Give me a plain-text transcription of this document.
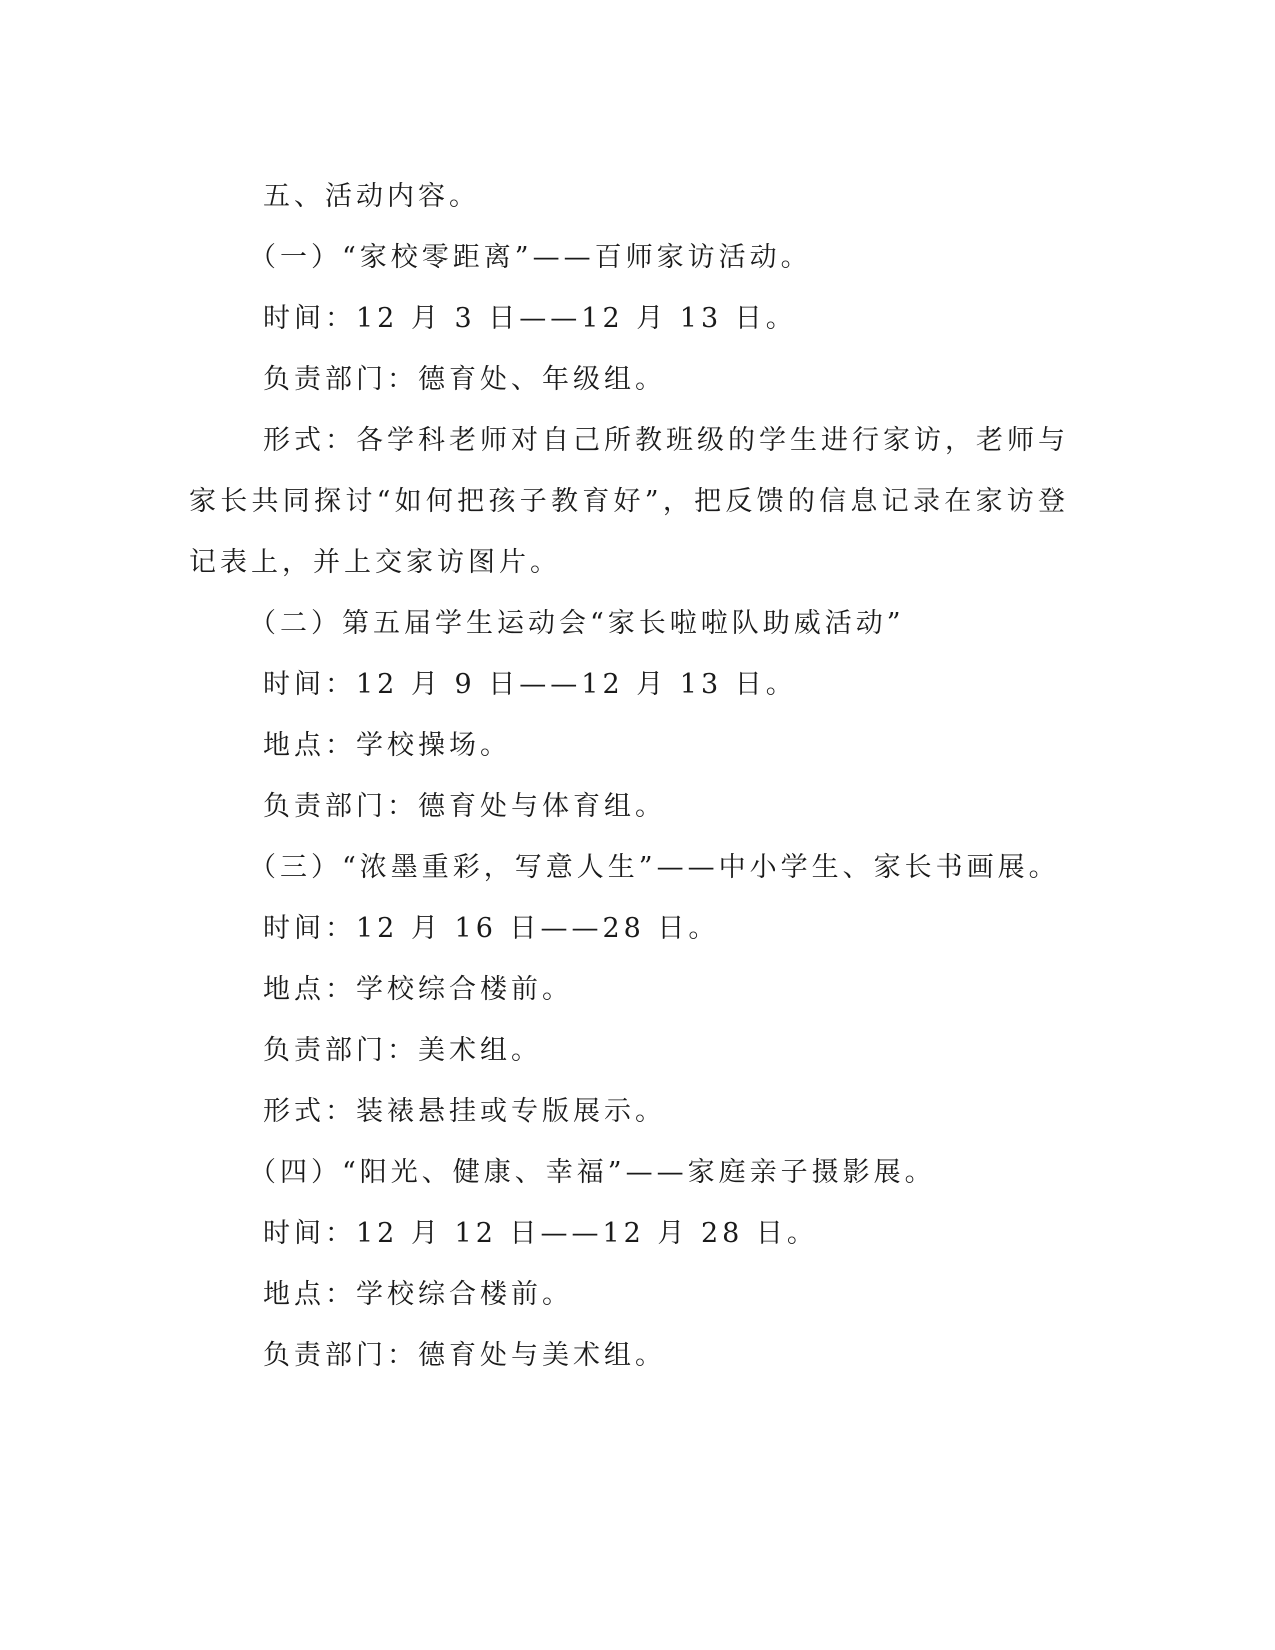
五、活动内容。
（一）“家校零距离”——百师家访活动。
时间：12 月 3 日——12 月 13 日。
负责部门：德育处、年级组。
形式：各学科老师对自己所教班级的学生进行家访，老师与家长共同探讨“如何把孩子教育好”，把反馈的信息记录在家访登记表上，并上交家访图片。
（二）第五届学生运动会“家长啦啦队助威活动”
时间：12 月 9 日——12 月 13 日。
地点：学校操场。
负责部门：德育处与体育组。
（三）“浓墨重彩，写意人生”——中小学生、家长书画展。
时间：12 月 16 日——28 日。
地点：学校综合楼前。
负责部门：美术组。
形式：装裱悬挂或专版展示。
（四）“阳光、健康、幸福”——家庭亲子摄影展。
时间：12 月 12 日——12 月 28 日。
地点：学校综合楼前。
负责部门：德育处与美术组。
